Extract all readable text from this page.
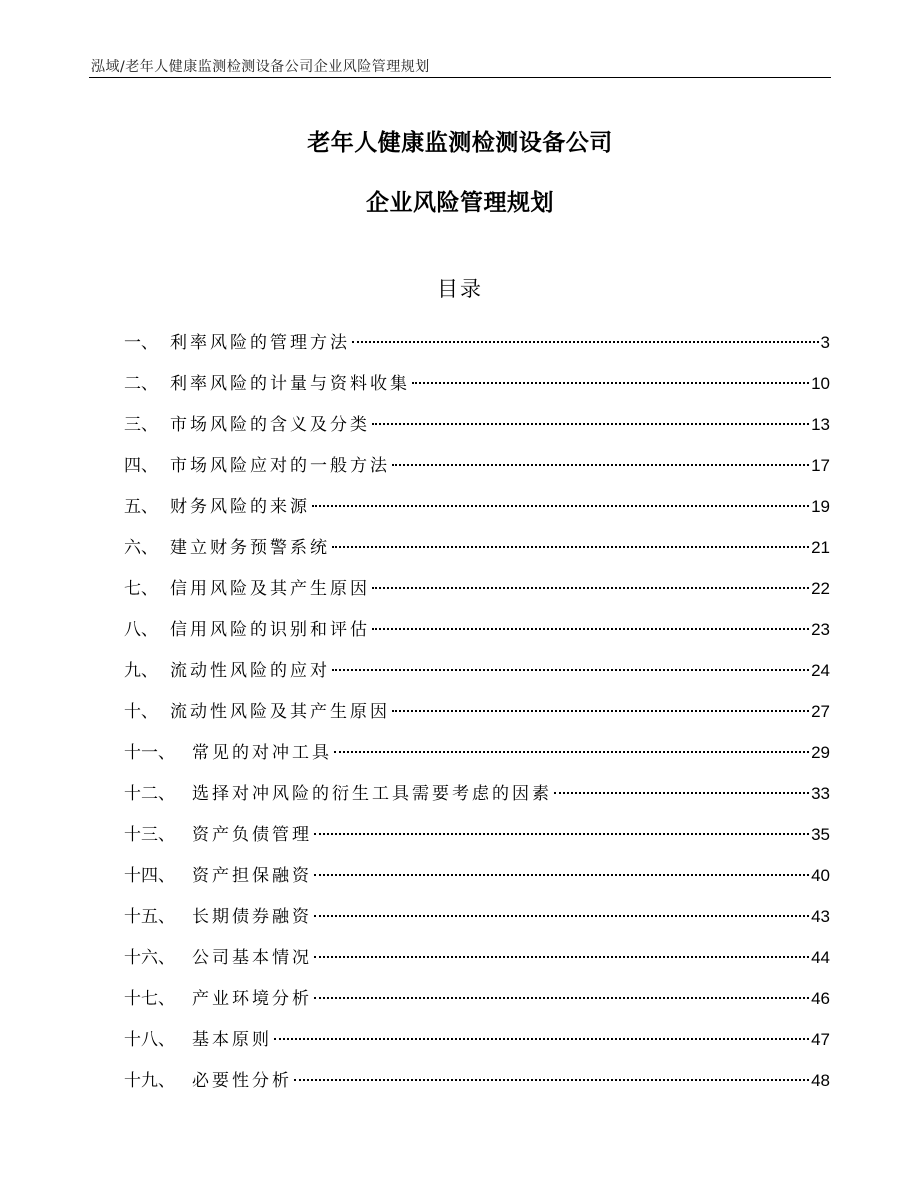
泓域/老年人健康监测检测设备公司企业风险管理规划
老年人健康监测检测设备公司
企业风险管理规划
目录
一、 利率风险的管理方法	3
二、 利率风险的计量与资料收集	10
三、 市场风险的含义及分类	13
四、 市场风险应对的一般方法	17
五、 财务风险的来源	19
六、 建立财务预警系统	21
七、 信用风险及其产生原因	22
八、 信用风险的识别和评估	23
九、 流动性风险的应对	24
十、 流动性风险及其产生原因	27
十一、	常见的对冲工具	29
十二、	选择对冲风险的衍生工具需要考虑的因素	33
十三、	资产负债管理	35
十四、	资产担保融资	40
十五、	长期债券融资	43
十六、	公司基本情况	44
十七、	产业环境分析	46
十八、	基本原则	47
十九、	必要性分析	48
